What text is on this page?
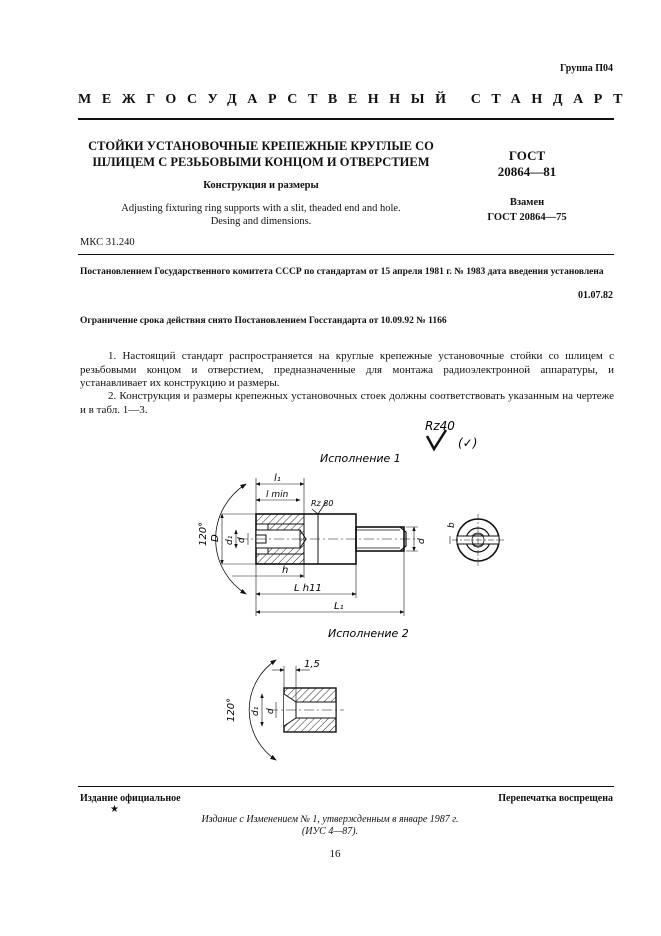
Группа П04
МЕЖГОСУДАРСТВЕННЫЙ СТАНДАРТ
СТОЙКИ УСТАНОВОЧНЫЕ КРЕПЕЖНЫЕ КРУГЛЫЕ СО
ШЛИЦЕМ С РЕЗЬБОВЫМИ КОНЦОМ И ОТВЕРСТИЕМ
Конструкция и размеры
Adjusting fixturing ring supports with a slit, theaded end and hole.
Desing and dimensions.
ГОСТ
20864—81
Взамен
ГОСТ 20864—75
МКС 31.240
Постановлением Государственного комитета СССР по стандартам от 15 апреля 1981 г. № 1983 дата введения установлена
01.07.82
Ограничение срока действия снято Постановлением Госстандарта от 10.09.92 № 1166
1. Настоящий стандарт распространяется на круглые крепежные установочные стойки со шлицем с резьбовыми концом и отверстием, предназначенные для монтажа радиоэлектронной аппаратуры, и устанавливает их конструкцию и размеры.
2. Конструкция и размеры крепежных установочных стоек должны соответствовать указанным на чертеже и в табл. 1—3.
Rz40
(✓)
Исполнение 1
l₁
l min
Rz 80
120° D d₁ d
h
L h11
L₁
d
b
Исполнение 2
1,5
120° d₁ d
Издание официальное	Перепечатка воспрещена
★
Издание с Изменением № 1, утвержденным в январе 1987 г.
(ИУС 4—87).
16
